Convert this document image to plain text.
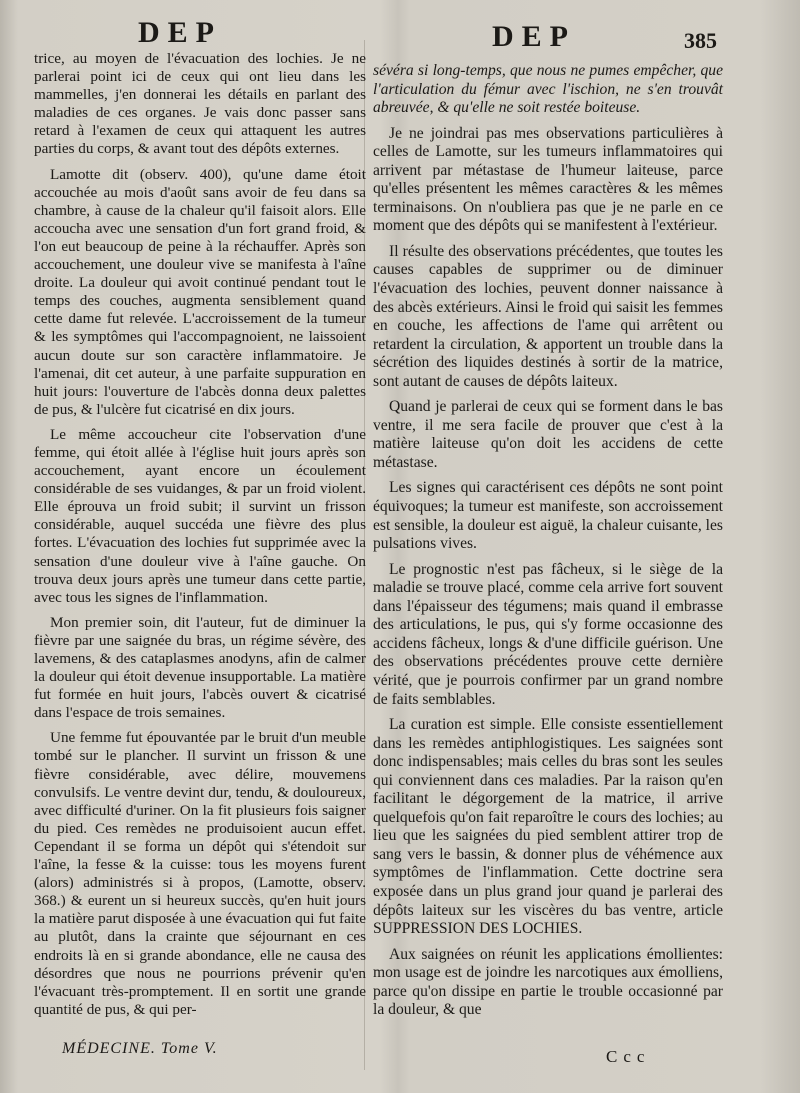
DEP	DEP	385

trice, au moyen de l'évacuation des lochies. Je ne parlerai point ici de ceux qui ont lieu dans les mammelles, j'en donnerai les détails en parlant des maladies de ces organes. Je vais donc passer sans retard à l'examen de ceux qui attaquent les autres parties du corps, & avant tout des dépôts externes.

Lamotte dit (observ. 400), qu'une dame étoit accouchée au mois d'août sans avoir de feu dans sa chambre, à cause de la chaleur qu'il faisoit alors. Elle accoucha avec une sensation d'un fort grand froid, & l'on eut beaucoup de peine à la réchauffer. Après son accouchement, une douleur vive se manifesta à l'aîne droite. La douleur qui avoit continué pendant tout le temps des couches, augmenta sensiblement quand cette dame fut relevée. L'accroissement de la tumeur & les symptômes qui l'accompagnoient, ne laissoient aucun doute sur son caractère inflammatoire. Je l'amenai, dit cet auteur, à une parfaite suppuration en huit jours: l'ouverture de l'abcès donna deux palettes de pus, & l'ulcère fut cicatrisé en dix jours.

Le même accoucheur cite l'observation d'une femme, qui étoit allée à l'église huit jours après son accouchement, ayant encore un écoulement considérable de ses vuidanges, & par un froid violent. Elle éprouva un froid subit; il survint un frisson considérable, auquel succéda une fièvre des plus fortes. L'évacuation des lochies fut supprimée avec la sensation d'une douleur vive à l'aîne gauche. On trouva deux jours après une tumeur dans cette partie, avec tous les signes de l'inflammation.

Mon premier soin, dit l'auteur, fut de diminuer la fièvre par une saignée du bras, un régime sévère, des lavemens, & des cataplasmes anodyns, afin de calmer la douleur qui étoit devenue insupportable. La matière fut formée en huit jours, l'abcès ouvert & cicatrisé dans l'espace de trois semaines.

Une femme fut épouvantée par le bruit d'un meuble tombé sur le plancher. Il survint un frisson & une fièvre considérable, avec délire, mouvemens convulsifs. Le ventre devint dur, tendu, & douloureux, avec difficulté d'uriner. On la fit plusieurs fois saigner du pied. Ces remèdes ne produisoient aucun effet. Cependant il se forma un dépôt qui s'étendoit sur l'aîne, la fesse & la cuisse: tous les moyens furent (alors) administrés si à propos, (Lamotte, observ. 368.) & eurent un si heureux succès, qu'en huit jours la matière parut disposée à une évacuation qui fut faite au plutôt, dans la crainte que séjournant en ces endroits là en si grande abondance, elle ne causa des désordres que nous ne pourrions prévenir qu'en l'évacuant très-promptement. Il en sortit une grande quantité de pus, & qui per-

sévéra si long-temps, que nous ne pumes empêcher, que l'articulation du fémur avec l'ischion, ne s'en trouvât abreuvée, & qu'elle ne soit restée boiteuse.

Je ne joindrai pas mes observations particulières à celles de Lamotte, sur les tumeurs inflammatoires qui arrivent par métastase de l'humeur laiteuse, parce qu'elles présentent les mêmes caractères & les mêmes terminaisons. On n'oubliera pas que je ne parle en ce moment que des dépôts qui se manifestent à l'extérieur.

Il résulte des observations précédentes, que toutes les causes capables de supprimer ou de diminuer l'évacuation des lochies, peuvent donner naissance à des abcès extérieurs. Ainsi le froid qui saisit les femmes en couche, les affections de l'ame qui arrêtent ou retardent la circulation, & apportent un trouble dans la sécrétion des liquides destinés à sortir de la matrice, sont autant de causes de dépôts laiteux.

Quand je parlerai de ceux qui se forment dans le bas ventre, il me sera facile de prouver que c'est à la matière laiteuse qu'on doit les accidens de cette métastase.

Les signes qui caractérisent ces dépôts ne sont point équivoques; la tumeur est manifeste, son accroissement est sensible, la douleur est aiguë, la chaleur cuisante, les pulsations vives.

Le prognostic n'est pas fâcheux, si le siège de la maladie se trouve placé, comme cela arrive fort souvent dans l'épaisseur des tégumens; mais quand il embrasse des articulations, le pus, qui s'y forme occasionne des accidens fâcheux, longs & d'une difficile guérison. Une des observations précédentes prouve cette dernière vérité, que je pourrois confirmer par un grand nombre de faits semblables.

La curation est simple. Elle consiste essentiellement dans les remèdes antiphlogistiques. Les saignées sont donc indispensables; mais celles du bras sont les seules qui conviennent dans ces maladies. Par la raison qu'en facilitant le dégorgement de la matrice, il arrive quelquefois qu'on fait reparoître le cours des lochies; au lieu que les saignées du pied semblent attirer trop de sang vers le bassin, & donner plus de véhémence aux symptômes de l'inflammation. Cette doctrine sera exposée dans un plus grand jour quand je parlerai des dépôts laiteux sur les viscères du bas ventre, article SUPPRESSION DES LOCHIES.

Aux saignées on réunit les applications émollientes: mon usage est de joindre les narcotiques aux émolliens, parce qu'on dissipe en partie le trouble occasionné par la douleur, & que

MÉDECINE. Tome V.	Ccc
